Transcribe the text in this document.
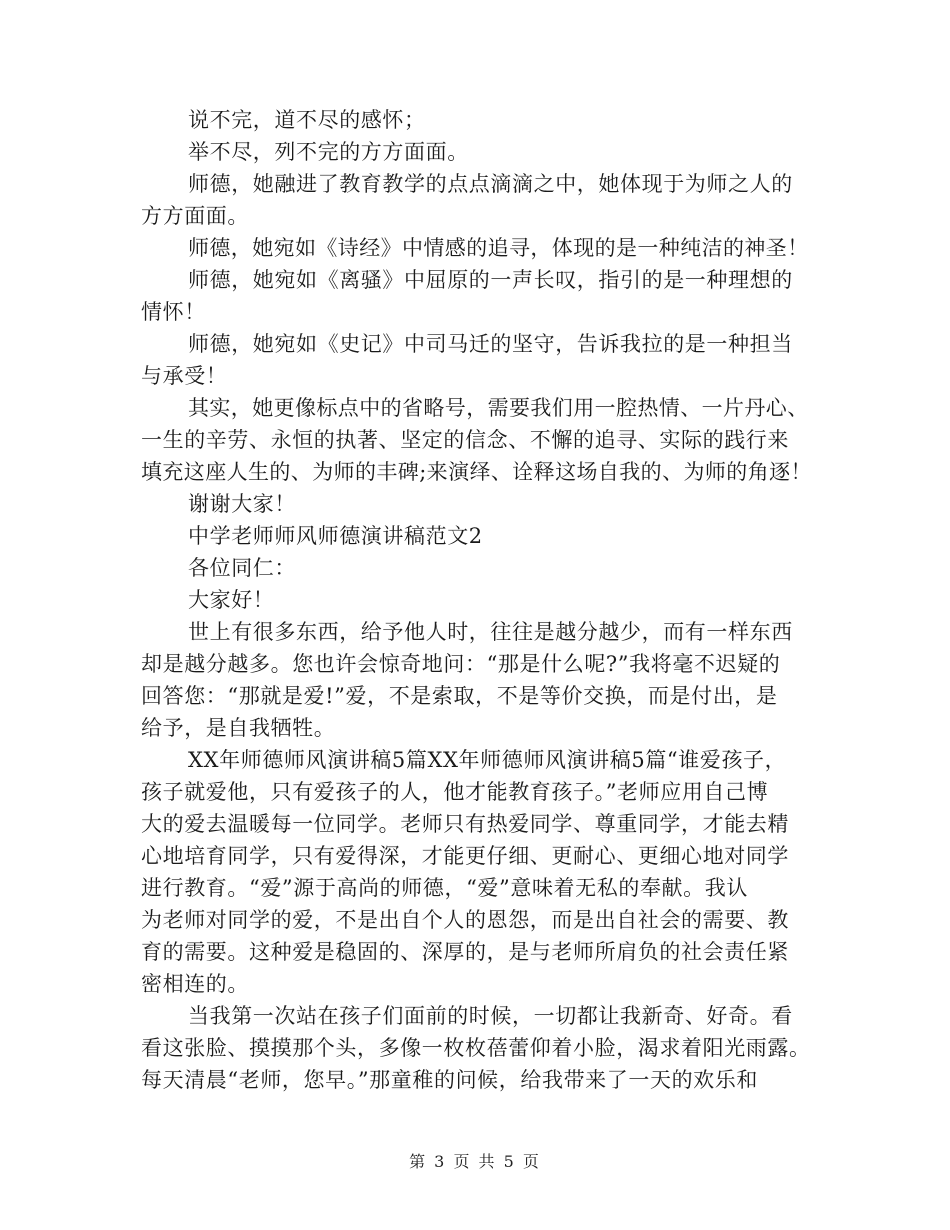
说不完，道不尽的感怀；
举不尽，列不完的方方面面。
师德，她融进了教育教学的点点滴滴之中，她体现于为师之人的
方方面面。
师德，她宛如《诗经》中情感的追寻，体现的是一种纯洁的神圣！
师德，她宛如《离骚》中屈原的一声长叹，指引的是一种理想的
情怀！
师德，她宛如《史记》中司马迁的坚守，告诉我拉的是一种担当
与承受！
其实，她更像标点中的省略号，需要我们用一腔热情、一片丹心、
一生的辛劳、永恒的执著、坚定的信念、不懈的追寻、实际的践行来
填充这座人生的、为师的丰碑;来演绎、诠释这场自我的、为师的角逐！
谢谢大家！
中学老师师风师德演讲稿范文2
各位同仁：
大家好！
世上有很多东西，给予他人时，往往是越分越少，而有一样东西
却是越分越多。您也许会惊奇地问：“那是什么呢?”我将毫不迟疑的
回答您：“那就是爱!”爱，不是索取，不是等价交换，而是付出，是
给予，是自我牺牲。
XX年师德师风演讲稿5篇XX年师德师风演讲稿5篇“谁爱孩子，
孩子就爱他，只有爱孩子的人，他才能教育孩子。”老师应用自己博
大的爱去温暖每一位同学。老师只有热爱同学、尊重同学，才能去精
心地培育同学，只有爱得深，才能更仔细、更耐心、更细心地对同学
进行教育。“爱”源于高尚的师德，“爱”意味着无私的奉献。我认
为老师对同学的爱，不是出自个人的恩怨，而是出自社会的需要、教
育的需要。这种爱是稳固的、深厚的，是与老师所肩负的社会责任紧
密相连的。
当我第一次站在孩子们面前的时候，一切都让我新奇、好奇。看
看这张脸、摸摸那个头，多像一枚枚蓓蕾仰着小脸，渴求着阳光雨露。
每天清晨“老师，您早。”那童稚的问候，给我带来了一天的欢乐和
第 3 页 共 5 页
